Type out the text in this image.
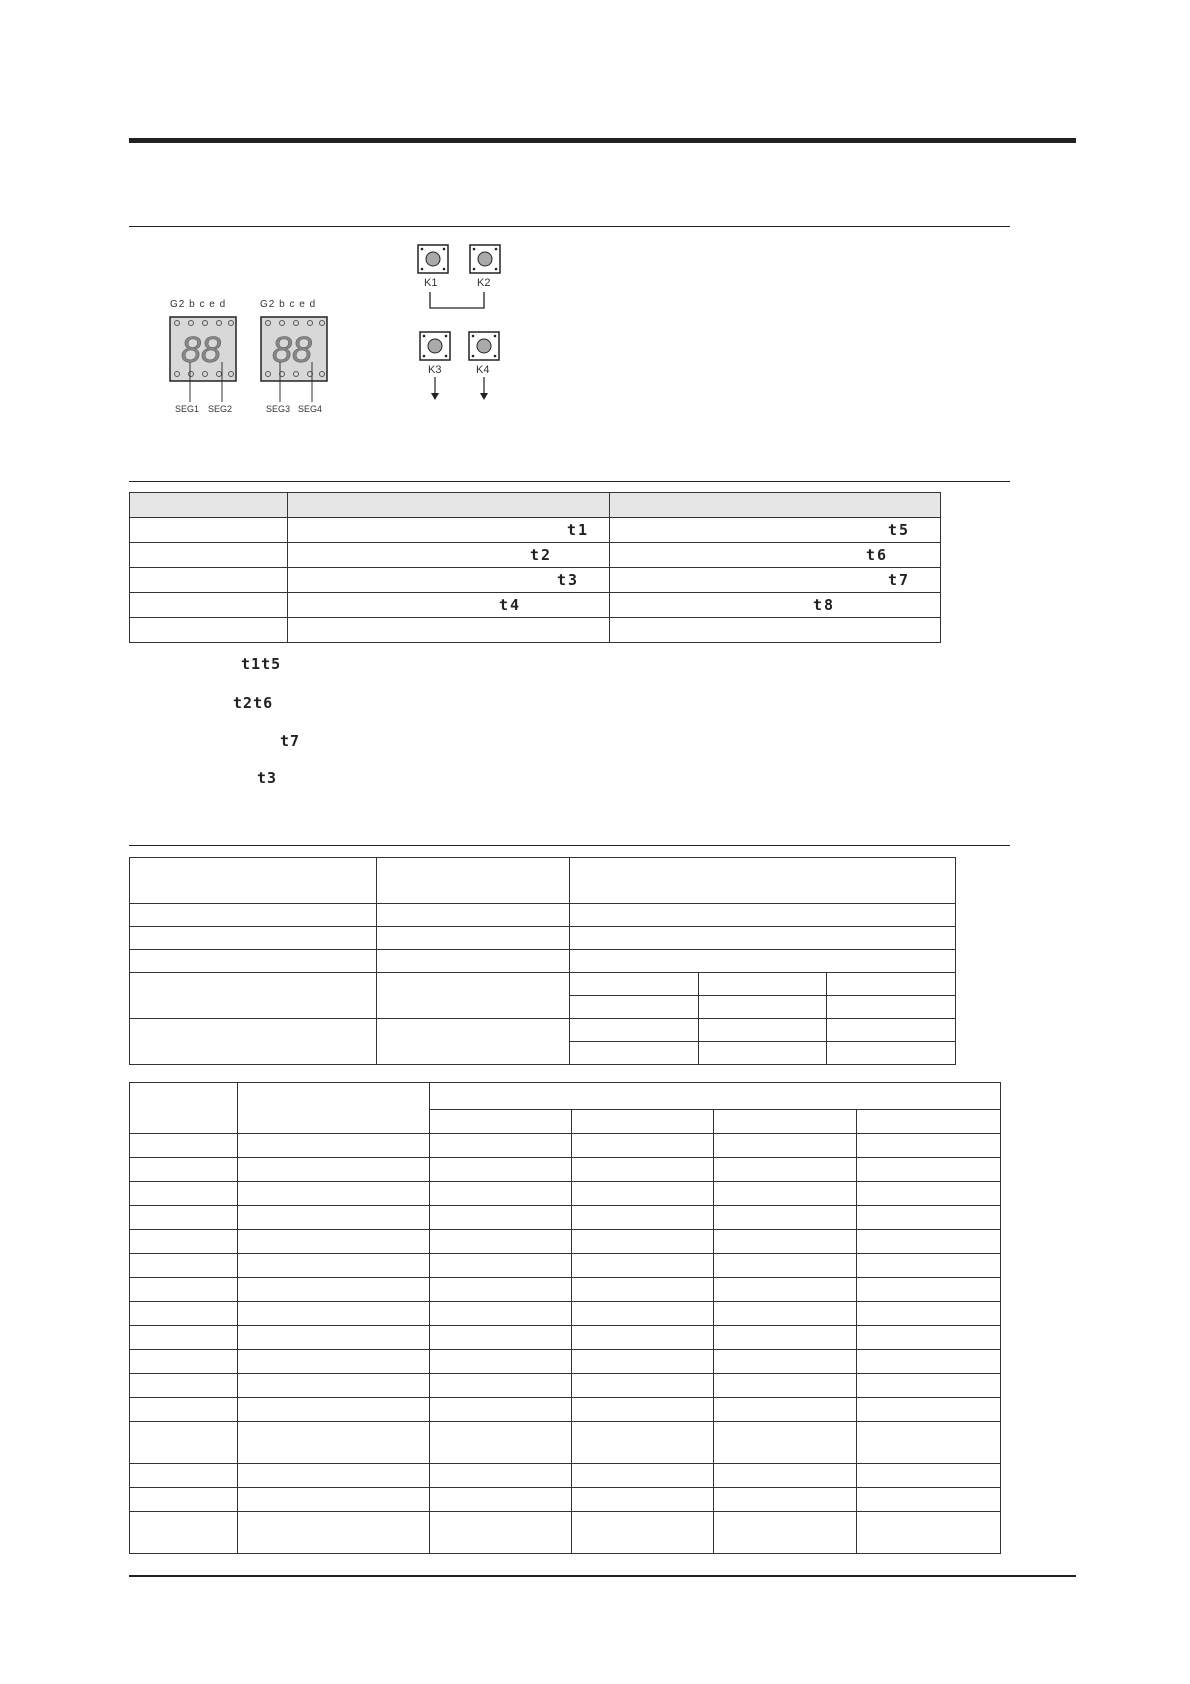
G2 b c e d
88
SEG1 SEG2
G2 b c e d
88
SEG3 SEG4
K1	K2
K3	K4

	t1	t5

	t2	t6

	t3	t7

	t4	t8

t1t5
t2t6
t7
t3
